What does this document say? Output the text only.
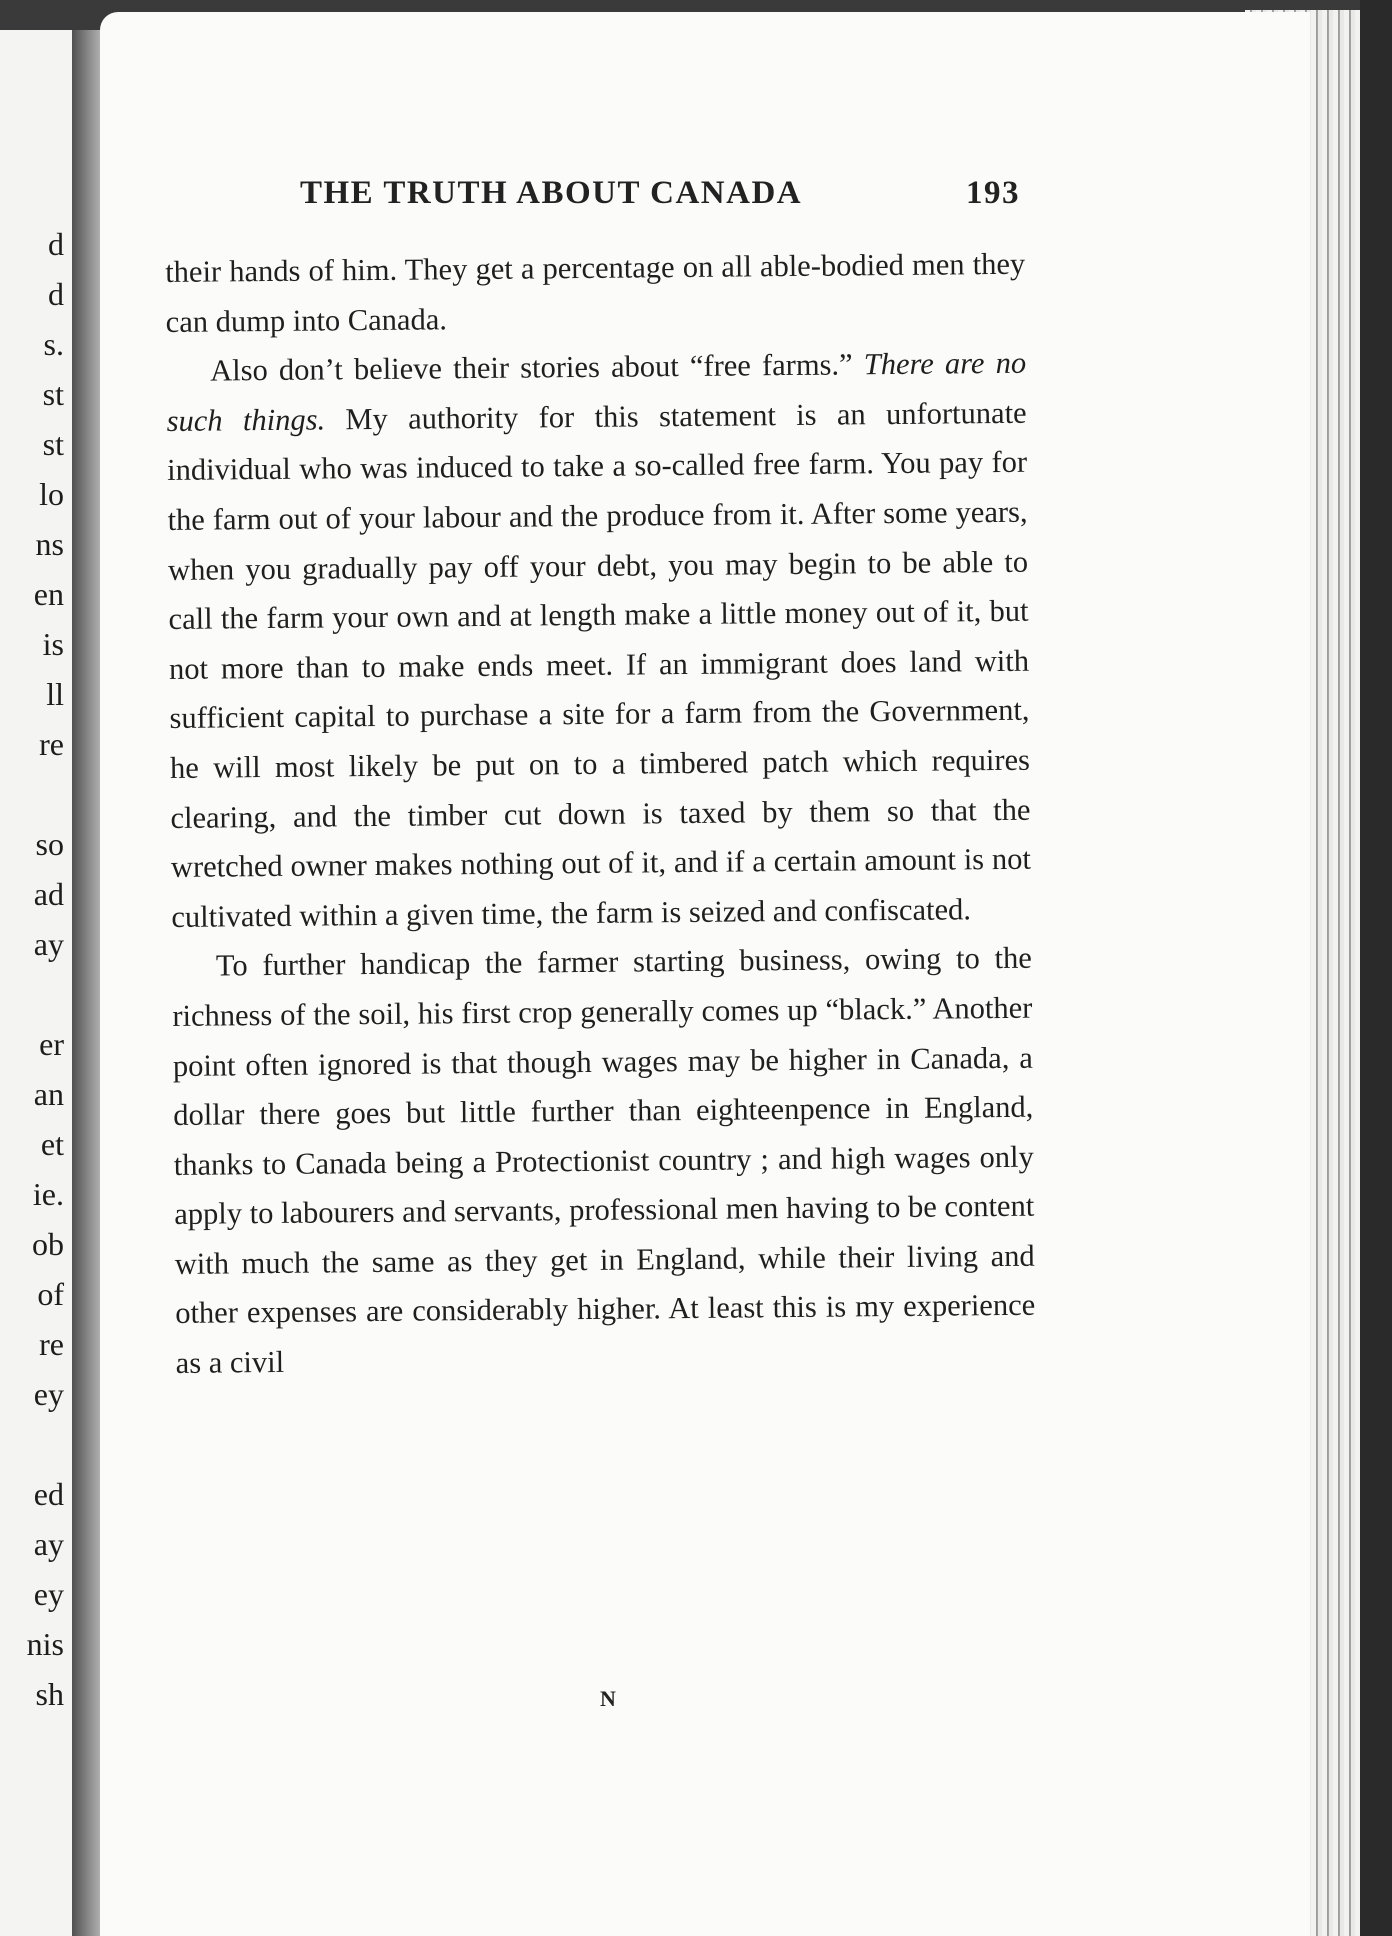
d
d
s.
st
st
lo
ns
en
is
ll
re
so
ad
ay
er
an
et
ie.
ob
of
re
ey
ed
ay
ey
nis
sh
THE TRUTH ABOUT CANADA	193

their hands of him. They get a percentage on all able-bodied men they can dump into Canada.

Also don’t believe their stories about “free farms.” There are no such things. My authority for this statement is an unfortunate individual who was induced to take a so-called free farm. You pay for the farm out of your labour and the produce from it. After some years, when you gradually pay off your debt, you may begin to be able to call the farm your own and at length make a little money out of it, but not more than to make ends meet. If an immigrant does land with sufficient capital to purchase a site for a farm from the Government, he will most likely be put on to a timbered patch which requires clearing, and the timber cut down is taxed by them so that the wretched owner makes nothing out of it, and if a certain amount is not cultivated within a given time, the farm is seized and confiscated.

To further handicap the farmer starting business, owing to the richness of the soil, his first crop generally comes up “black.” Another point often ignored is that though wages may be higher in Canada, a dollar there goes but little further than eighteenpence in England, thanks to Canada being a Protectionist country ; and high wages only apply to labourers and servants, professional men having to be content with much the same as they get in England, while their living and other expenses are considerably higher. At least this is my experience as a civil

N
